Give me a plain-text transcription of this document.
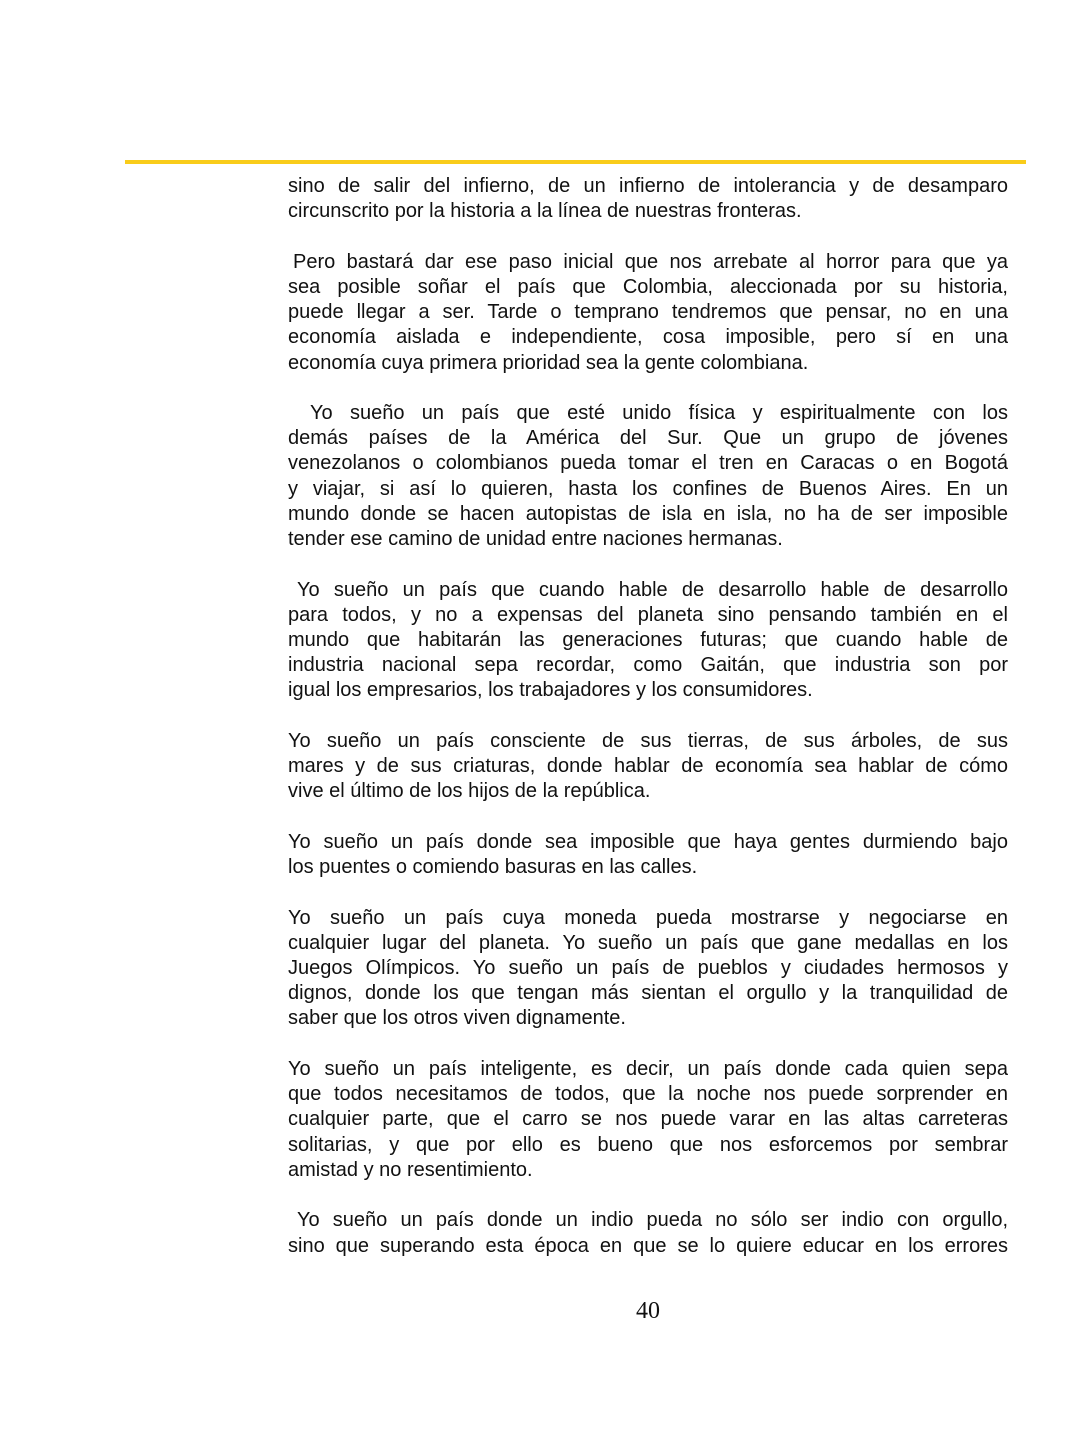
sino de salir del infierno, de un infierno de intolerancia y de desamparo
circunscrito por la historia a la línea de nuestras fronteras.
Pero bastará dar ese paso inicial que nos arrebate al horror para que ya
sea posible soñar el país que Colombia, aleccionada por su historia,
puede llegar a ser. Tarde o temprano tendremos que pensar, no en una
economía aislada e independiente, cosa imposible, pero sí en una
economía cuya primera prioridad sea la gente colombiana.
Yo sueño un país que esté unido física y espiritualmente con los
demás países de la América del Sur. Que un grupo de jóvenes
venezolanos o colombianos pueda tomar el tren en Caracas o en Bogotá
y viajar, si así lo quieren, hasta los confines de Buenos Aires. En un
mundo donde se hacen autopistas de isla en isla, no ha de ser imposible
tender ese camino de unidad entre naciones hermanas.
Yo sueño un país que cuando hable de desarrollo hable de desarrollo
para todos, y no a expensas del planeta sino pensando también en el
mundo que habitarán las generaciones futuras; que cuando hable de
industria nacional sepa recordar, como Gaitán, que industria son por
igual los empresarios, los trabajadores y los consumidores.
Yo sueño un país consciente de sus tierras, de sus árboles, de sus
mares y de sus criaturas, donde hablar de economía sea hablar de cómo
vive el último de los hijos de la república.
Yo sueño un país donde sea imposible que haya gentes durmiendo bajo
los puentes o comiendo basuras en las calles.
Yo sueño un país cuya moneda pueda mostrarse y negociarse en
cualquier lugar del planeta. Yo sueño un país que gane medallas en los
Juegos Olímpicos. Yo sueño un país de pueblos y ciudades hermosos y
dignos, donde los que tengan más sientan el orgullo y la tranquilidad de
saber que los otros viven dignamente.
Yo sueño un país inteligente, es decir, un país donde cada quien sepa
que todos necesitamos de todos, que la noche nos puede sorprender en
cualquier parte, que el carro se nos puede varar en las altas carreteras
solitarias, y que por ello es bueno que nos esforcemos por sembrar
amistad y no resentimiento.
Yo sueño un país donde un indio pueda no sólo ser indio con orgullo,
sino que superando esta época en que se lo quiere educar en los errores
40
